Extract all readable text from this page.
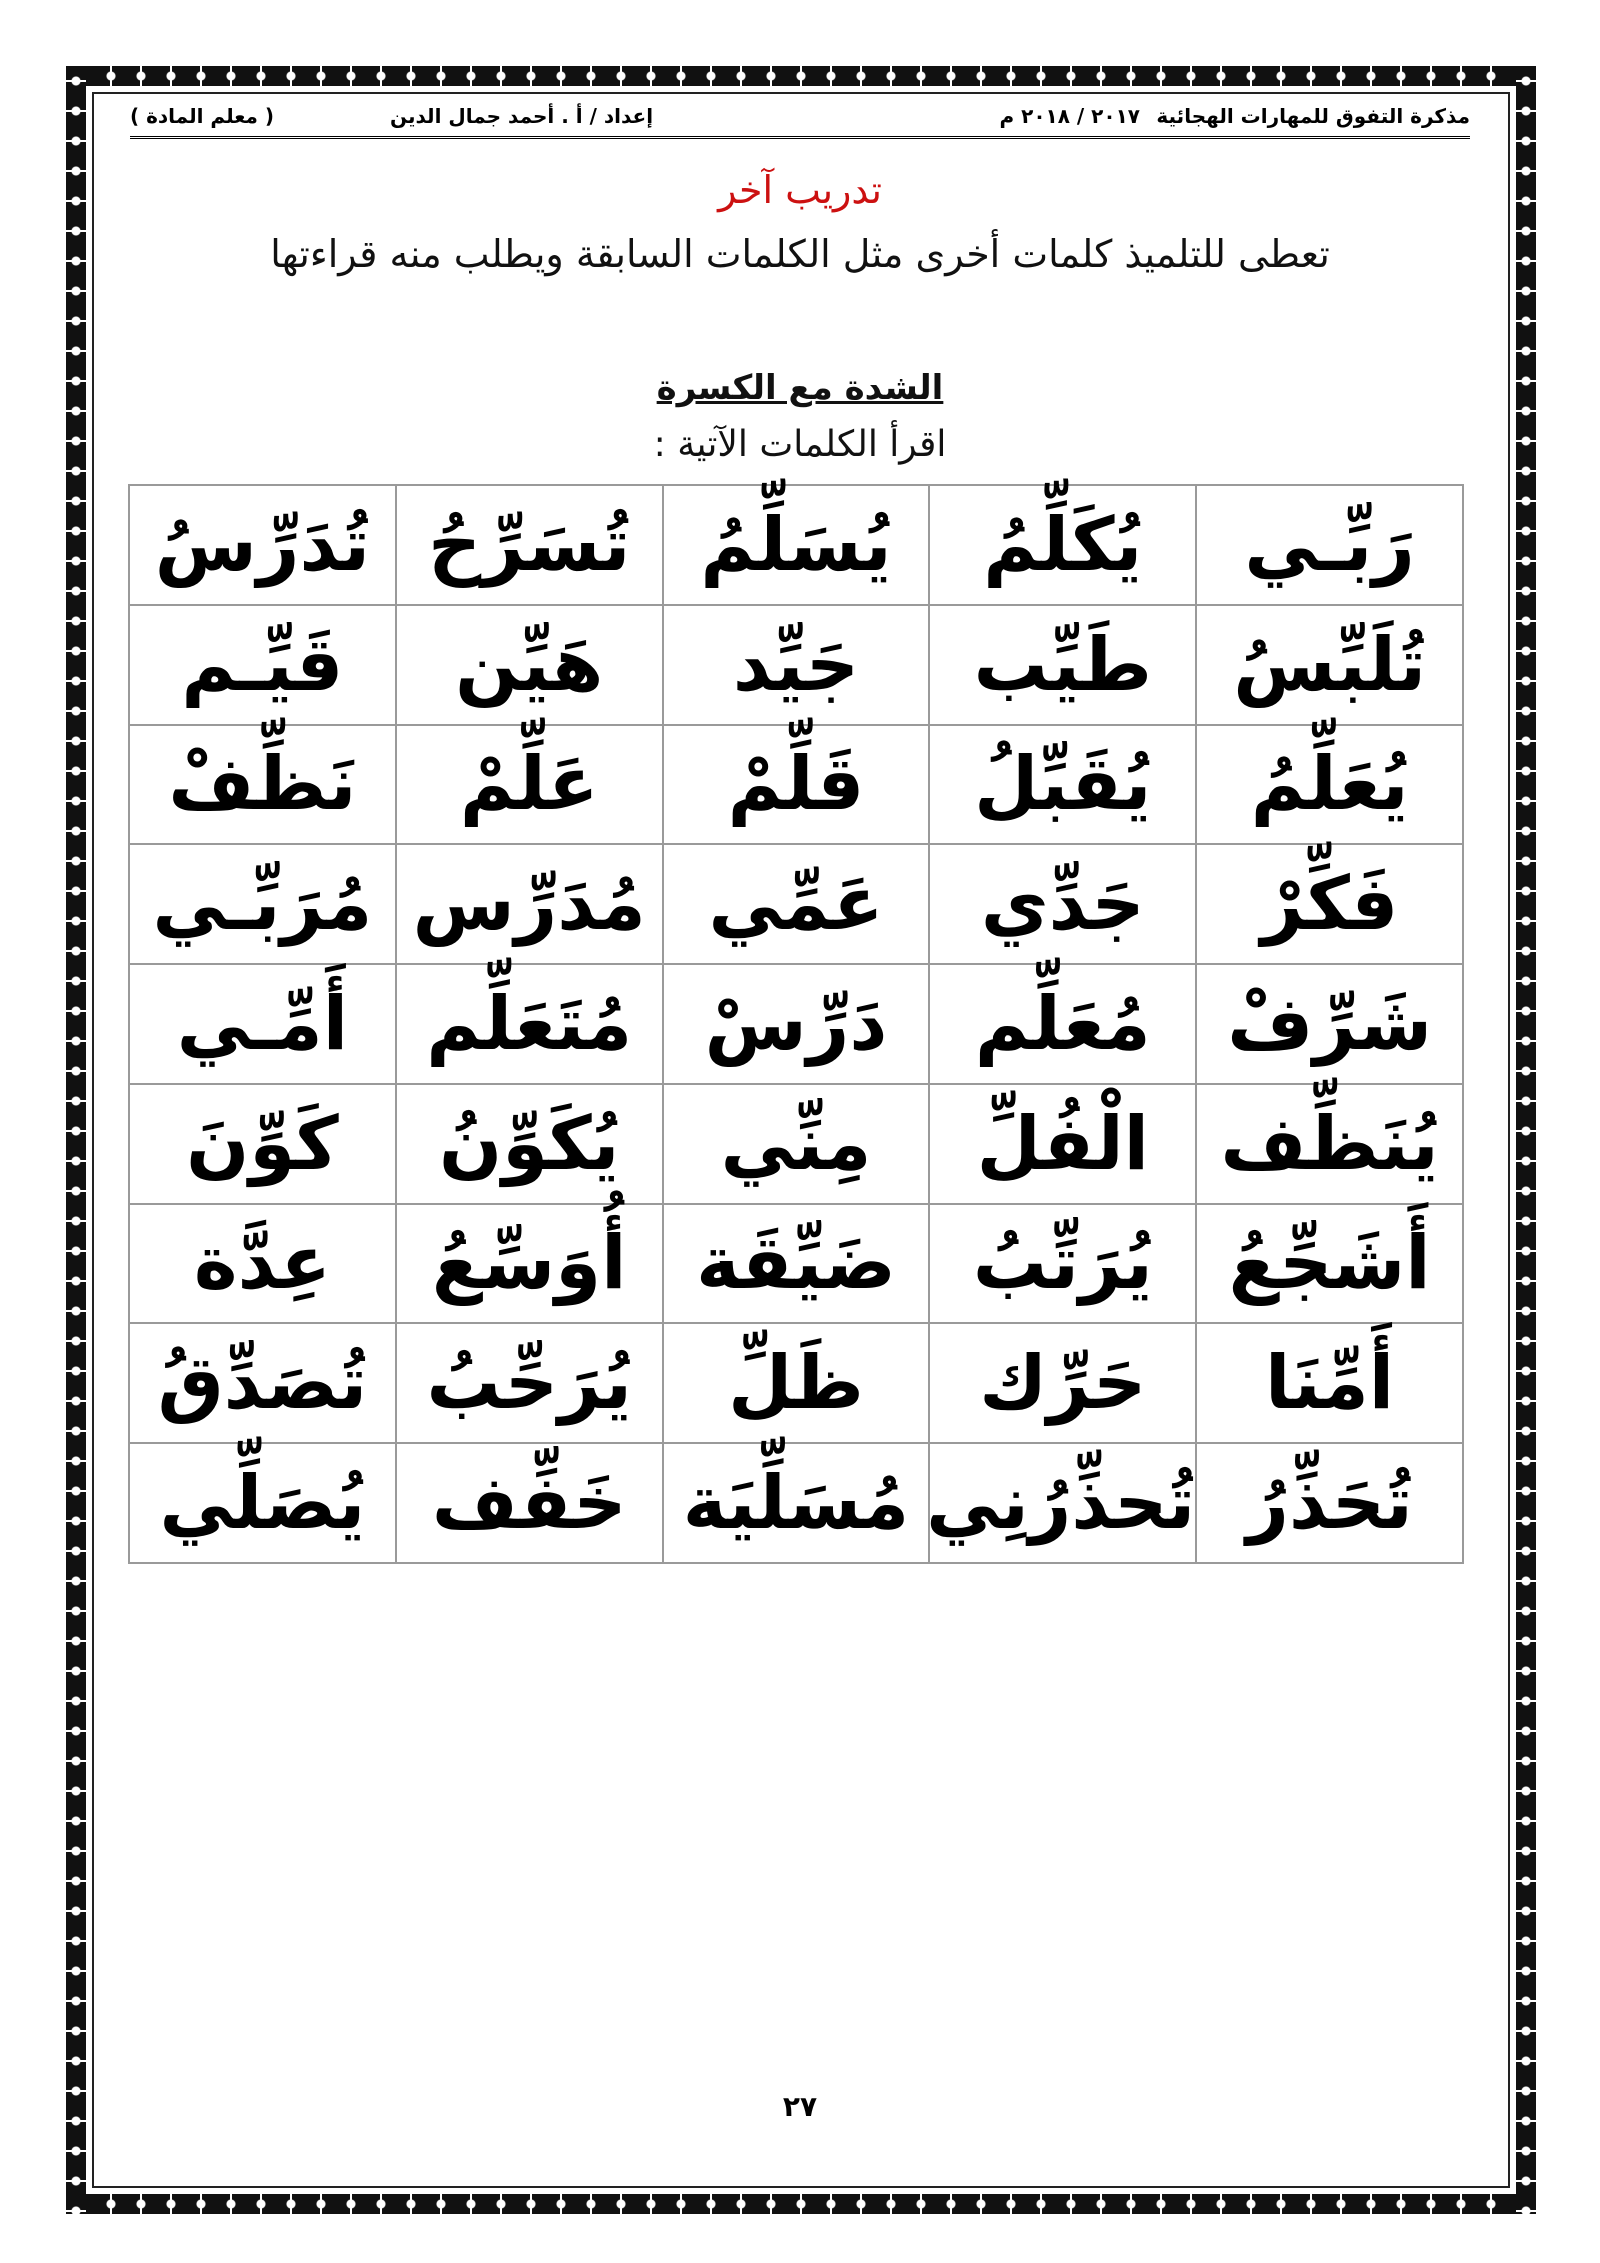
مذكرة التفوق للمهارات الهجائية
٢٠١٧ / ٢٠١٨ م
إعداد / أ . أحمد جمال الدين
( معلم المادة )
تدريب آخر
تعطى للتلميذ كلمات أخرى مثل الكلمات السابقة ويطلب منه قراءتها
الشدة مع الكسرة
اقرأ الكلمات الآتية :
رَبِّـي	يُكَلِّمُ	يُسَلِّمُ	تُسَرِّحُ	تُدَرِّسُ
تُلَبِّسُ	طَيِّب	جَيِّد	هَيِّن	قَيِّـم
يُعَلِّمُ	يُقَبِّلُ	قَلِّمْ	عَلِّمْ	نَظِّفْ
فَكِّرْ	جَدِّي	عَمِّي	مُدَرِّس	مُرَبِّـي
شَرِّفْ	مُعَلِّم	دَرِّسْ	مُتَعَلِّم	أَمِّـي
يُنَظِّف	الْفُلِّ	مِنِّي	يُكَوِّنُ	كَوِّنَ
أَشَجِّعُ	يُرَتِّبُ	ضَيِّقَة	أُوَسِّعُ	عِدَّة
أَمِّنَا	حَرِّك	ظَلِّ	يُرَحِّبُ	تُصَدِّقُ
تُحَذِّرُ	تُحذِّرُنِي	مُسَلِّيَة	خَفِّف	يُصَلِّي
٢٧
